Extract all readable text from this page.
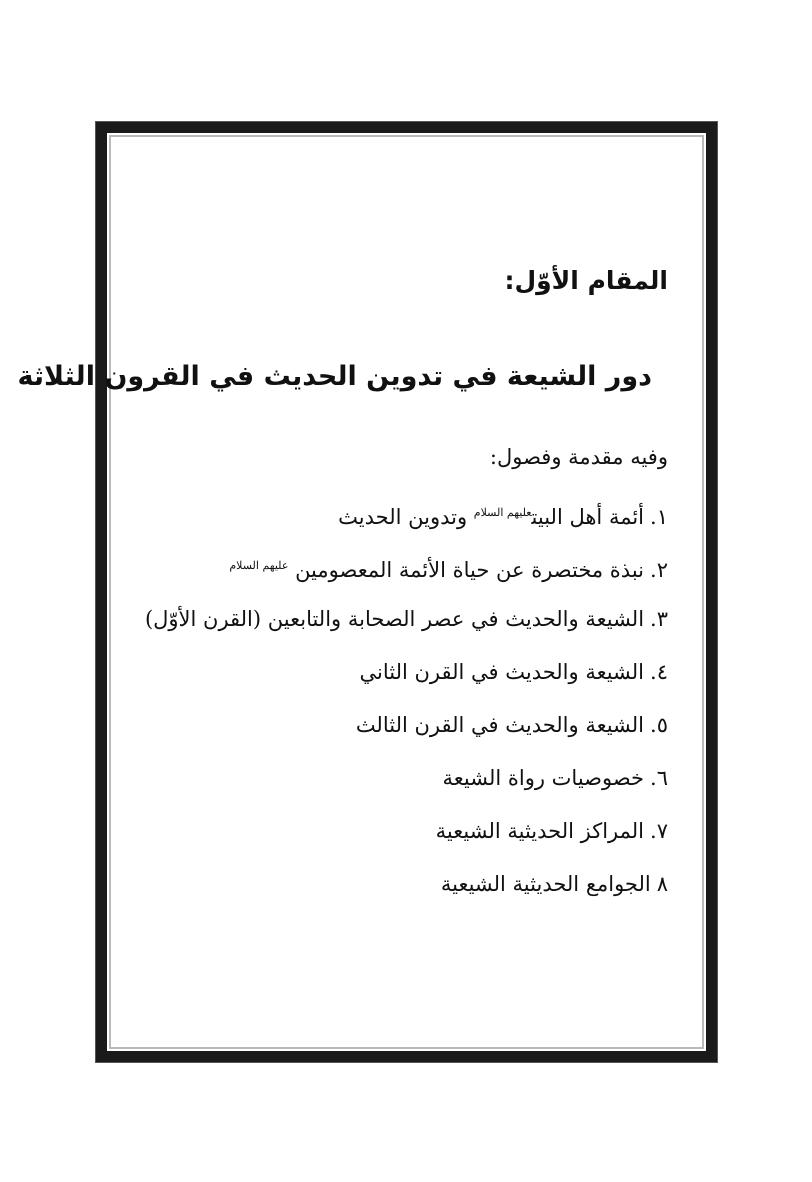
المقام الأوّل:
دور الشيعة في تدوين الحديث في القرون الثلاثة

وفيه مقدمة وفصول:

١.أئمة أهل البيت$^{عليهم السلام}$ وتدوين الحديث
٢.نبذة مختصرة عن حياة الأئمة المعصومين $^{عليهم السلام}$
٣.الشيعة والحديث في عصر الصحابة والتابعين (القرن الأوّل)
٤.الشيعة والحديث في القرن الثاني
٥.الشيعة والحديث في القرن الثالث
٦.خصوصيات رواة الشيعة
٧.المراكز الحديثية الشيعية
٨الجوامع الحديثية الشيعية
